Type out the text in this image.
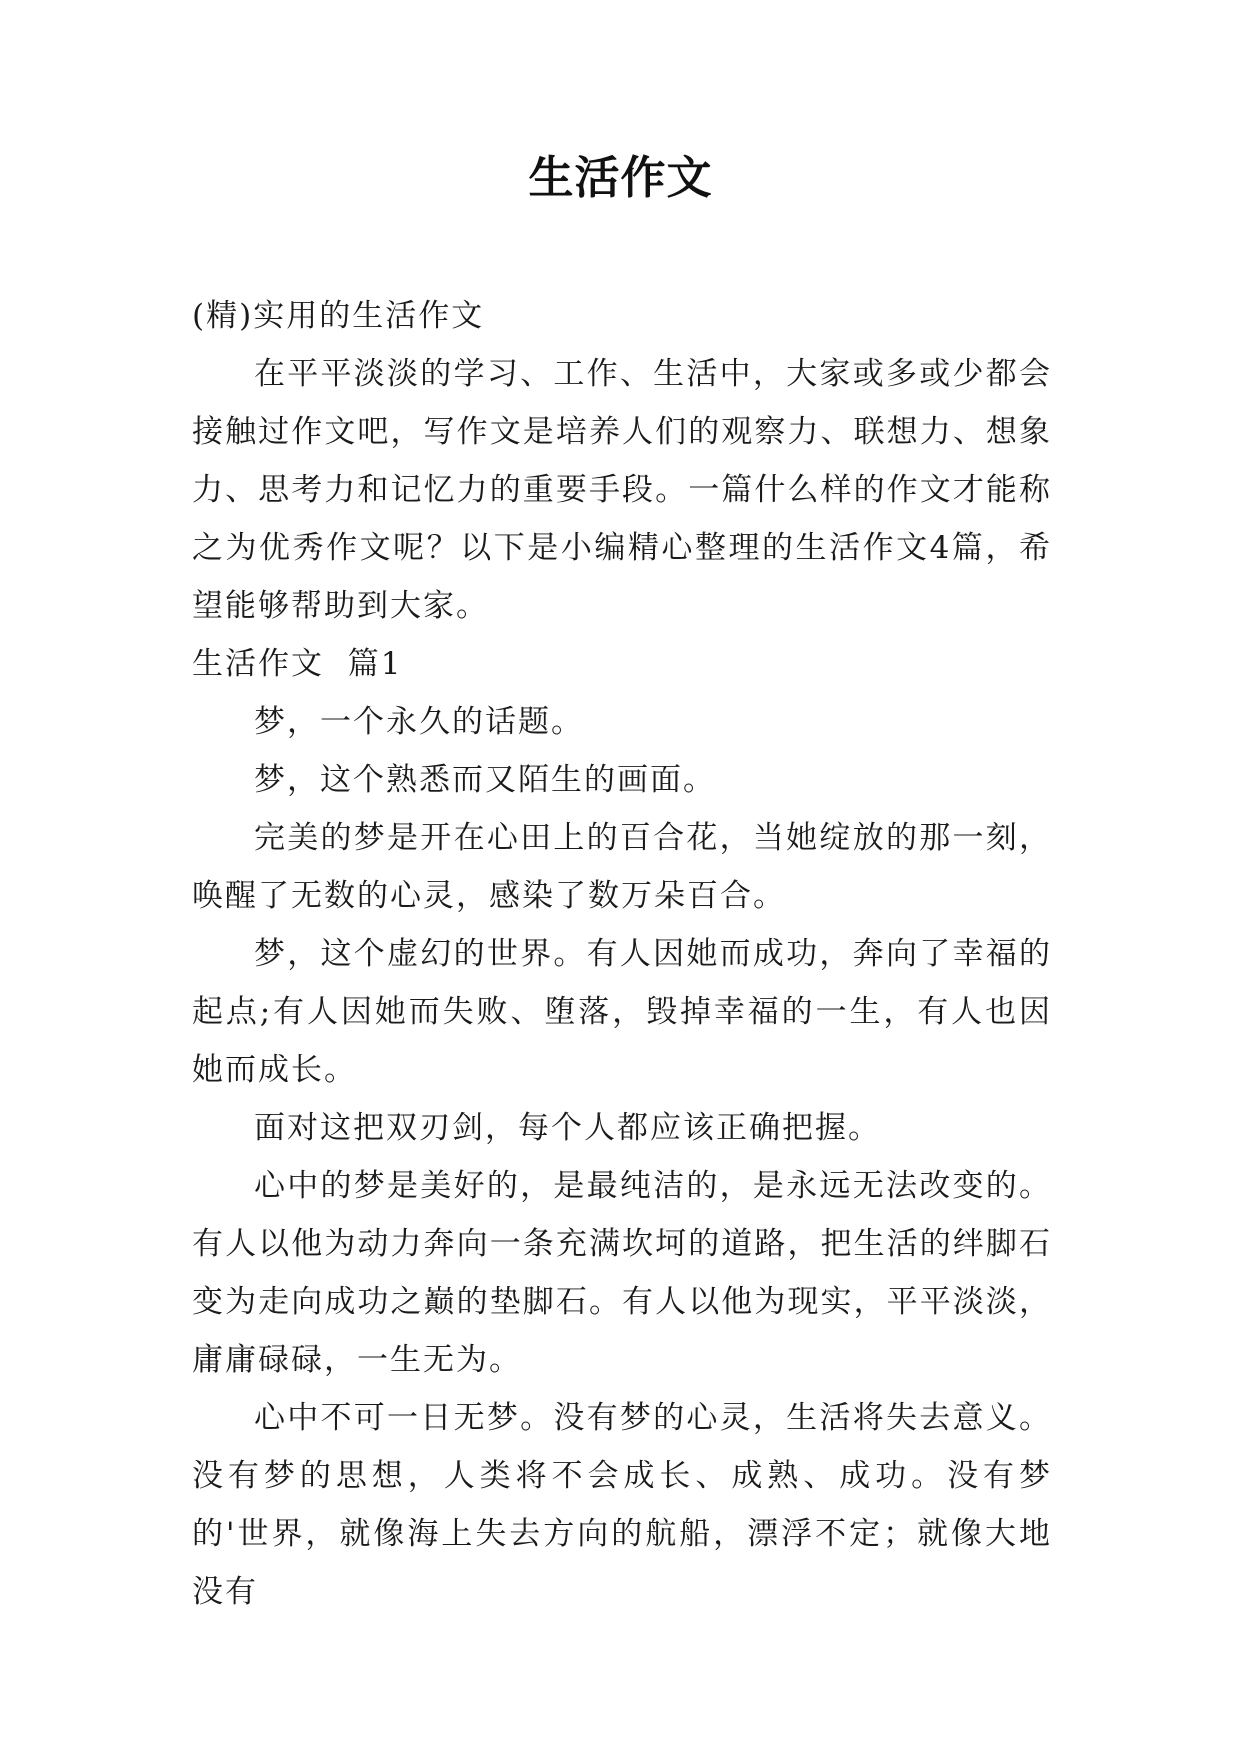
生活作文

(精)实用的生活作文

在平平淡淡的学习、工作、生活中，大家或多或少都会接触过作文吧，写作文是培养人们的观察力、联想力、想象力、思考力和记忆力的重要手段。一篇什么样的作文才能称之为优秀作文呢？以下是小编精心整理的生活作文4篇，希望能够帮助到大家。

生活作文  篇1

梦，一个永久的话题。

梦，这个熟悉而又陌生的画面。

完美的梦是开在心田上的百合花，当她绽放的那一刻，唤醒了无数的心灵，感染了数万朵百合。

梦，这个虚幻的世界。有人因她而成功，奔向了幸福的起点;有人因她而失败、堕落，毁掉幸福的一生，有人也因她而成长。

面对这把双刃剑，每个人都应该正确把握。

心中的梦是美好的，是最纯洁的，是永远无法改变的。有人以他为动力奔向一条充满坎坷的道路，把生活的绊脚石变为走向成功之巅的垫脚石。有人以他为现实，平平淡淡，庸庸碌碌，一生无为。

心中不可一日无梦。没有梦的心灵，生活将失去意义。没有梦的思想，人类将不会成长、成熟、成功。没有梦的'世界，就像海上失去方向的航船，漂浮不定；就像大地没有
